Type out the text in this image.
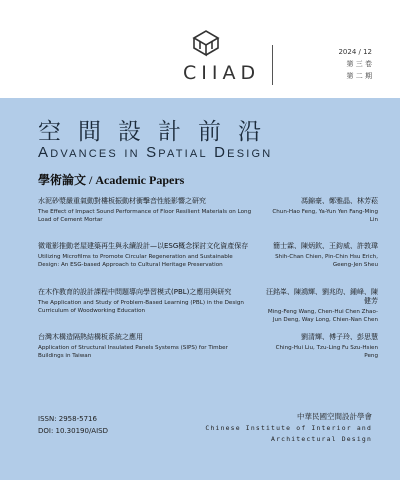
CIIAD
2024 / 12
第 三 卷
第 二 期
空間設計前沿
Advances in Spatial Design
學術論文 / Academic Papers
水泥砂漿嚴重氣動對樓板振動材衝擊音性能影響之研究
The Effect of Impact Sound Performance of Floor Resilient Materials on Long Load of Cement Mortar
馮錦豪、鄭雅晶、林芳菘
Chun-Hao Feng, Ya-Yun Yen Fang-Ming Lin
微電影推動老屋建築再生與永續設計—以ESG概念探討文化資產保存
Utilizing Microfilms to Promote Circular Regeneration and Sustainable Design: An ESG-based Approach to Cultural Heritage Preservation
簡士霖、陳炳欽、王鈞威、許敦瑋
Shih-Chan Chien, Pin-Chin Hsu Erich, Geeng-Jen Sheu
在木作教育的設計課程中問題導向學習模式(PBL)之應用與研究
The Application and Study of Problem-Based Learning (PBL) in the Design Curriculum of Woodworking Education
汪銘峯、陳鴻輝、劉兆昀、鍾峰、陳健芳
Ming-Feng Wang, Chen-Hui Chen Zhao-Jun Deng, Way Long, Chien-Nan Chen
台灣木構造隔熱結構板系統之應用
Application of Structural Insulated Panels Systems (SIPS) for Timber Buildings in Taiwan
劉清輝、傅子玲、彭思慧
Ching-Hui Liu, Tzu-Ling Fu Szu-Hsien Peng
ISSN: 2958-5716
DOI: 10.30190/AISD
中華民國空間設計學會
Chinese Institute of Interior and
Architectural Design
